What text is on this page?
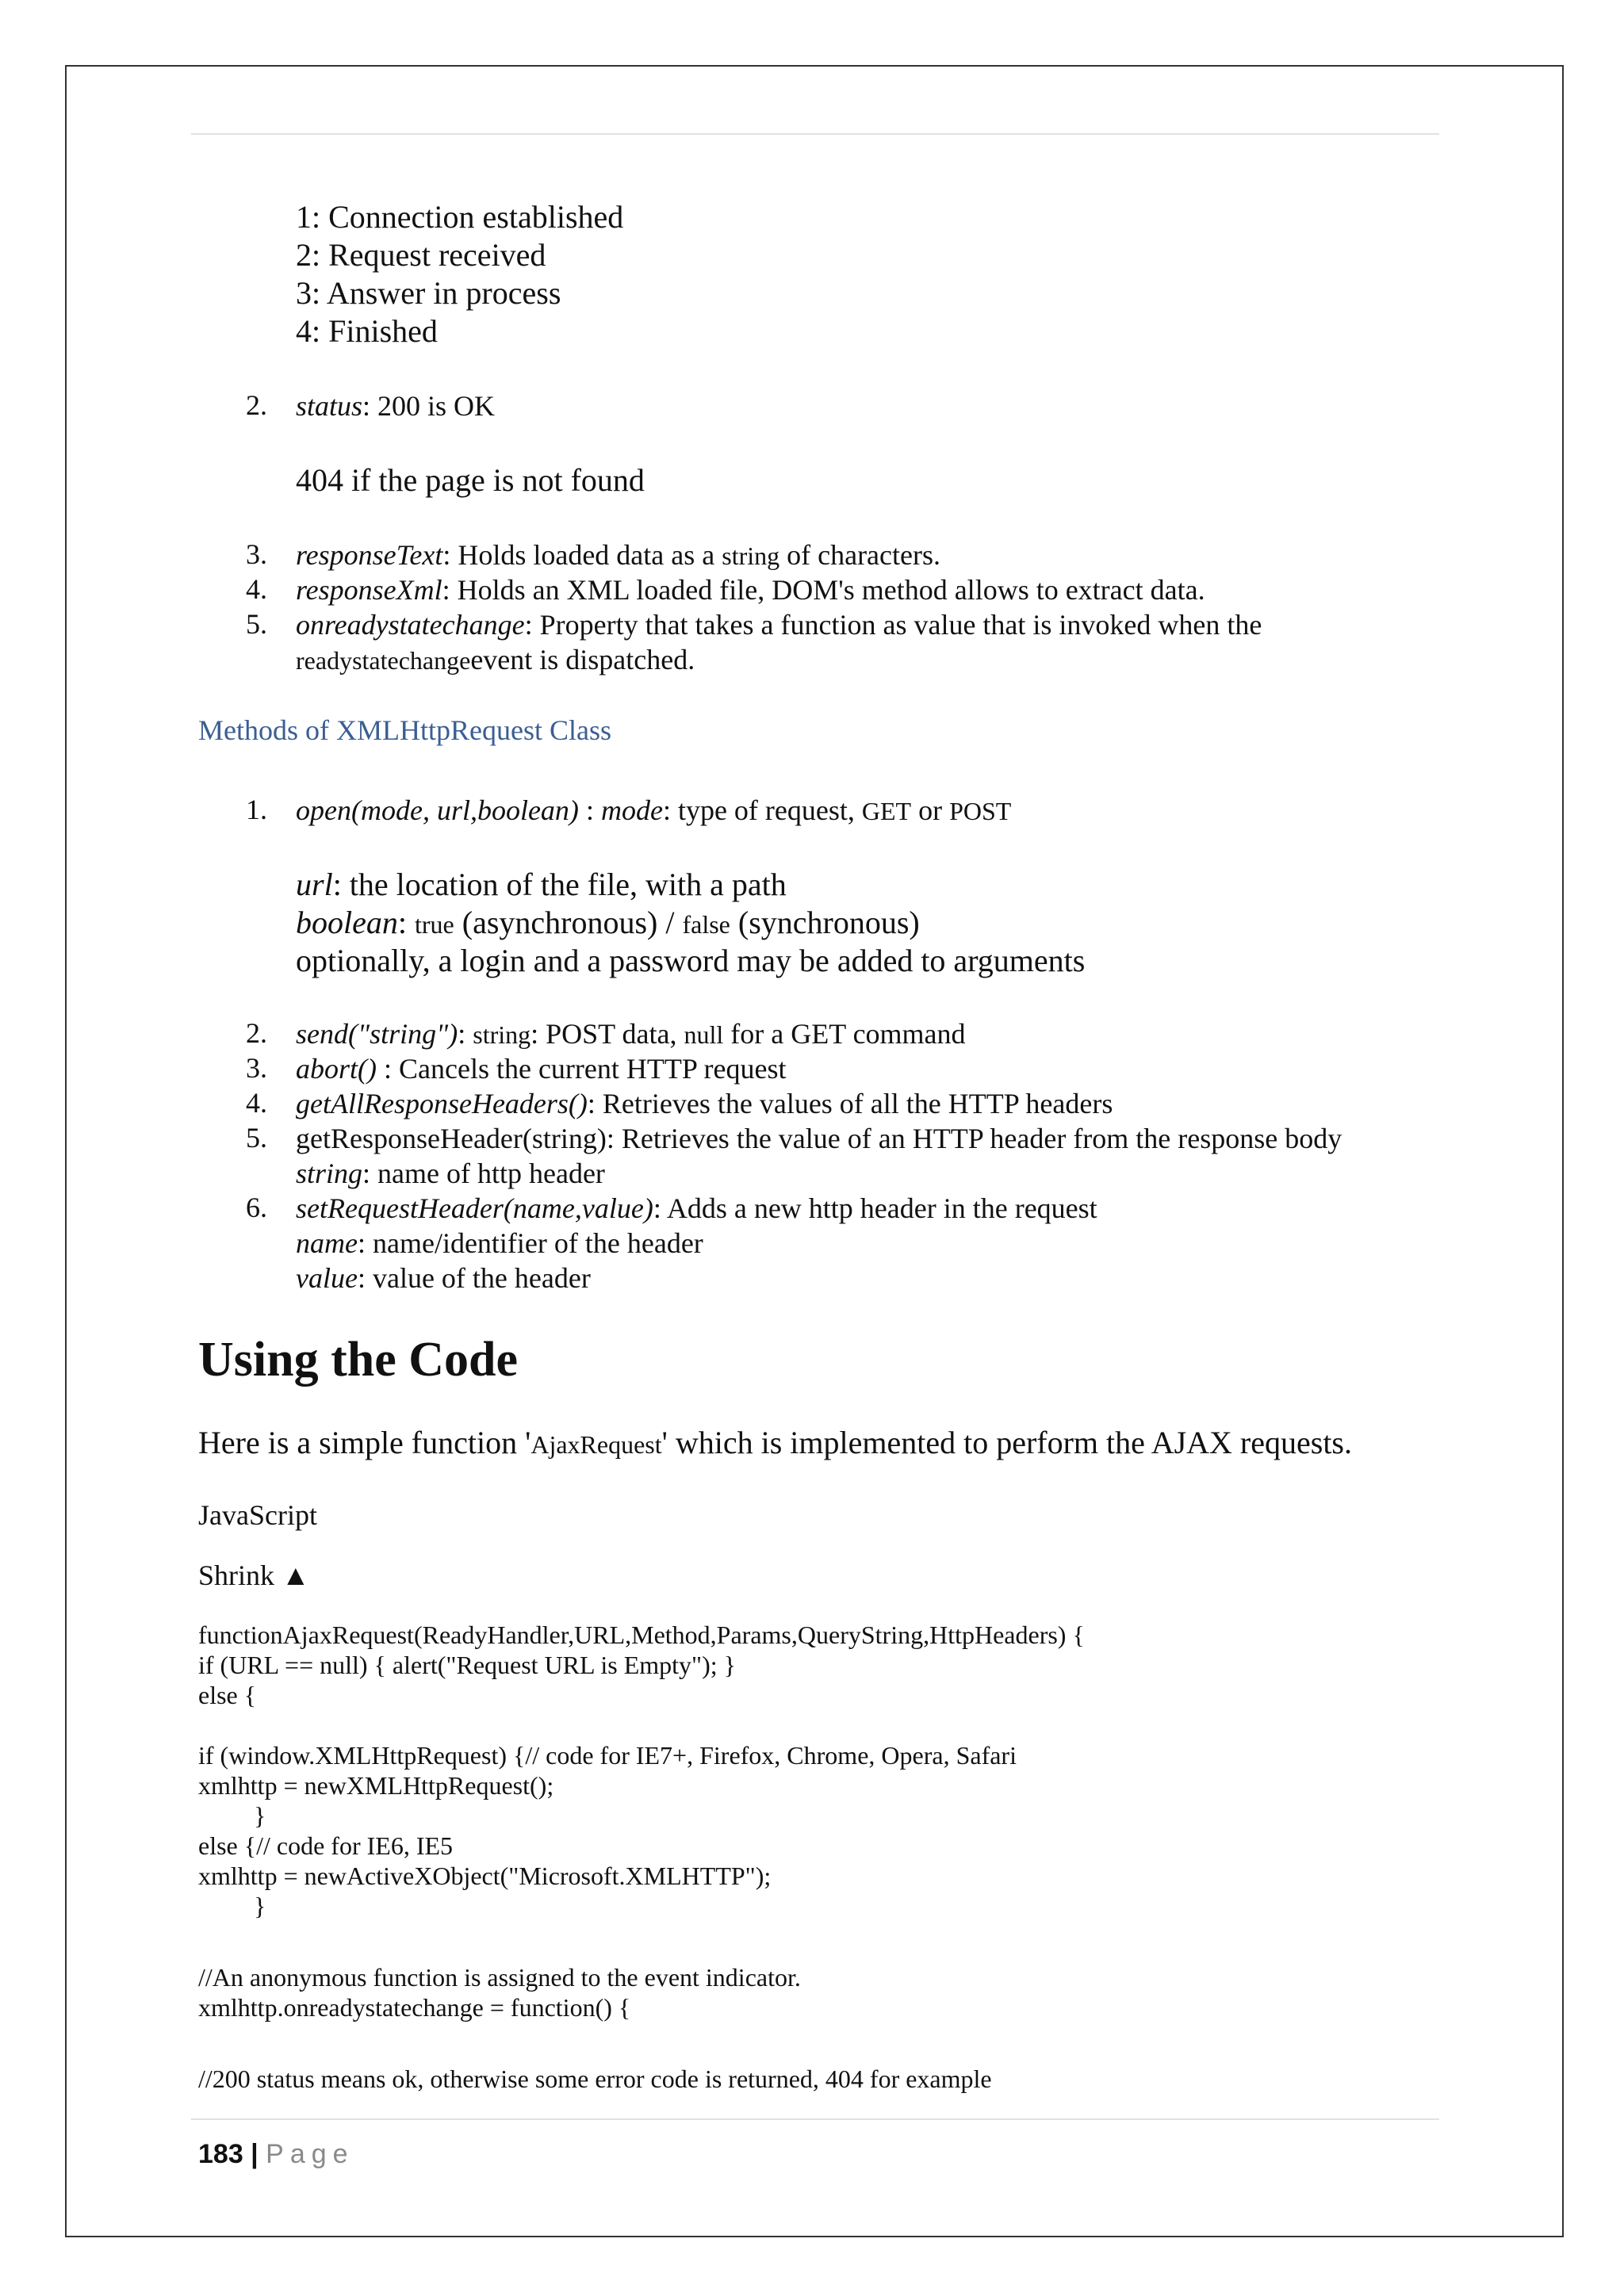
1: Connection established
2: Request received
3: Answer in process
4: Finished
2. status: 200 is OK
404 if the page is not found
3. responseText: Holds loaded data as a string of characters.
4. responseXml: Holds an XML loaded file, DOM's method allows to extract data.
5. onreadystatechange: Property that takes a function as value that is invoked when the
readystatechangeevent is dispatched.
Methods of XMLHttpRequest Class
1. open(mode, url,boolean) : mode: type of request, GET or POST
url: the location of the file, with a path
boolean: true (asynchronous) / false (synchronous)
optionally, a login and a password may be added to arguments
2. send("string"): string: POST data, null for a GET command
3. abort() : Cancels the current HTTP request
4. getAllResponseHeaders(): Retrieves the values of all the HTTP headers
5. getResponseHeader(string): Retrieves the value of an HTTP header from the response body
string: name of http header
6. setRequestHeader(name,value): Adds a new http header in the request
name: name/identifier of the header
value: value of the header
Using the Code
Here is a simple function 'AjaxRequest' which is implemented to perform the AJAX requests.
JavaScript
Shrink ▲
functionAjaxRequest(ReadyHandler,URL,Method,Params,QueryString,HttpHeaders) {
if (URL == null) { alert("Request URL is Empty"); }
else {
if (window.XMLHttpRequest) {// code for IE7+, Firefox, Chrome, Opera, Safari
xmlhttp = newXMLHttpRequest();
}
else {// code for IE6, IE5
xmlhttp = newActiveXObject("Microsoft.XMLHTTP");
}
//An anonymous function is assigned to the event indicator.
xmlhttp.onreadystatechange = function() {
//200 status means ok, otherwise some error code is returned, 404 for example
183 | Page
